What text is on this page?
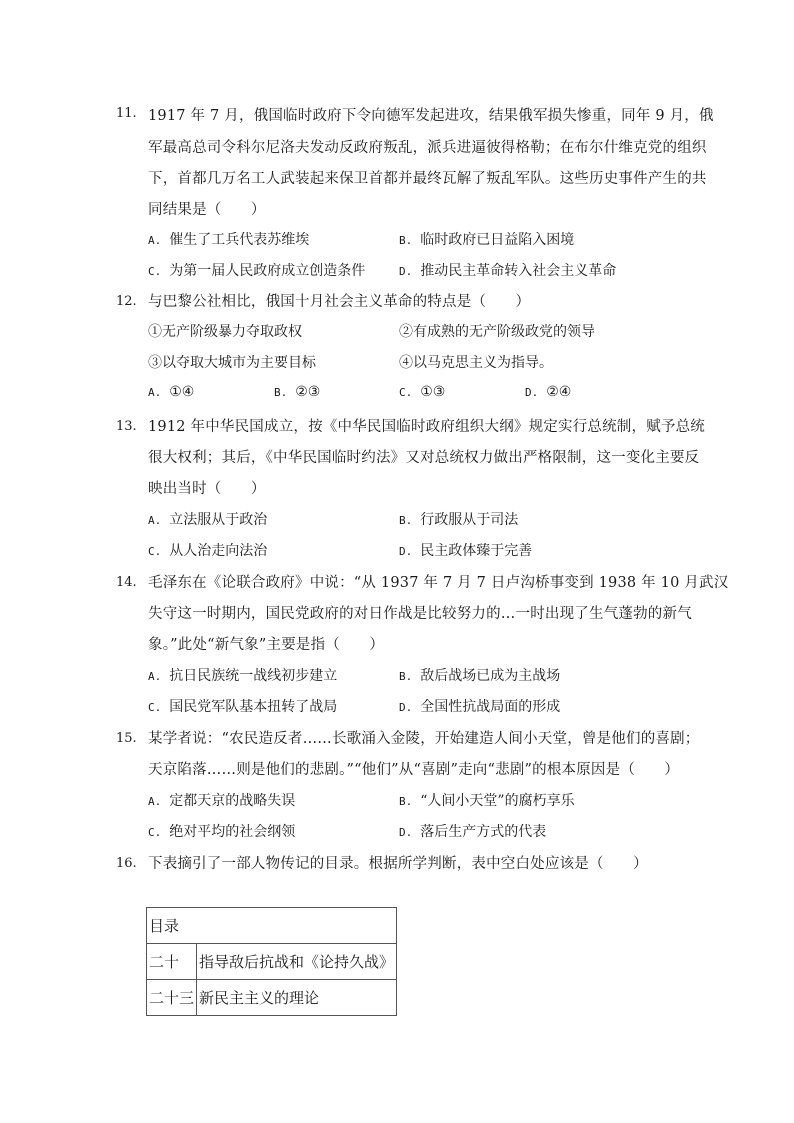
11. 1917 年 7 月，俄国临时政府下令向德军发起进攻，结果俄军损失惨重，同年 9 月，俄
军最高总司令科尔尼洛夫发动反政府叛乱，派兵进逼彼得格勒；在布尔什维克党的组织
下，首都几万名工人武装起来保卫首都并最终瓦解了叛乱军队。这些历史事件产生的共
同结果是（　　）
A. 催生了工兵代表苏维埃	B. 临时政府已日益陷入困境
C. 为第一届人民政府成立创造条件	D. 推动民主革命转入社会主义革命
12. 与巴黎公社相比，俄国十月社会主义革命的特点是（　　）
①无产阶级暴力夺取政权	②有成熟的无产阶级政党的领导
③以夺取大城市为主要目标	④以马克思主义为指导。
A. ①④	B. ②③	C. ①③	D. ②④
13. 1912 年中华民国成立，按《中华民国临时政府组织大纲》规定实行总统制，赋予总统
很大权利；其后，《中华民国临时约法》又对总统权力做出严格限制，这一变化主要反
映出当时（　　）
A. 立法服从于政治	B. 行政服从于司法
C. 从人治走向法治	D. 民主政体臻于完善
14. 毛泽东在《论联合政府》中说：“从 1937 年 7 月 7 日卢沟桥事变到 1938 年 10 月武汉
失守这一时期内，国民党政府的对日作战是比较努力的…一时出现了生气蓬勃的新气
象。”此处“新气象”主要是指（　　）
A. 抗日民族统一战线初步建立	B. 敌后战场已成为主战场
C. 国民党军队基本扭转了战局	D. 全国性抗战局面的形成
15. 某学者说：“农民造反者……长歌涌入金陵，开始建造人间小天堂，曾是他们的喜剧；
天京陷落……则是他们的悲剧。”“他们”从“喜剧”走向“悲剧”的根本原因是（　　）
A. 定都天京的战略失误	B. “人间小天堂”的腐朽享乐
C. 绝对平均的社会纲领	D. 落后生产方式的代表
16. 下表摘引了一部人物传记的目录。根据所学判断，表中空白处应该是（　　）
目录	
二十	指导敌后抗战和《论持久战》
二十三	新民主主义的理论
